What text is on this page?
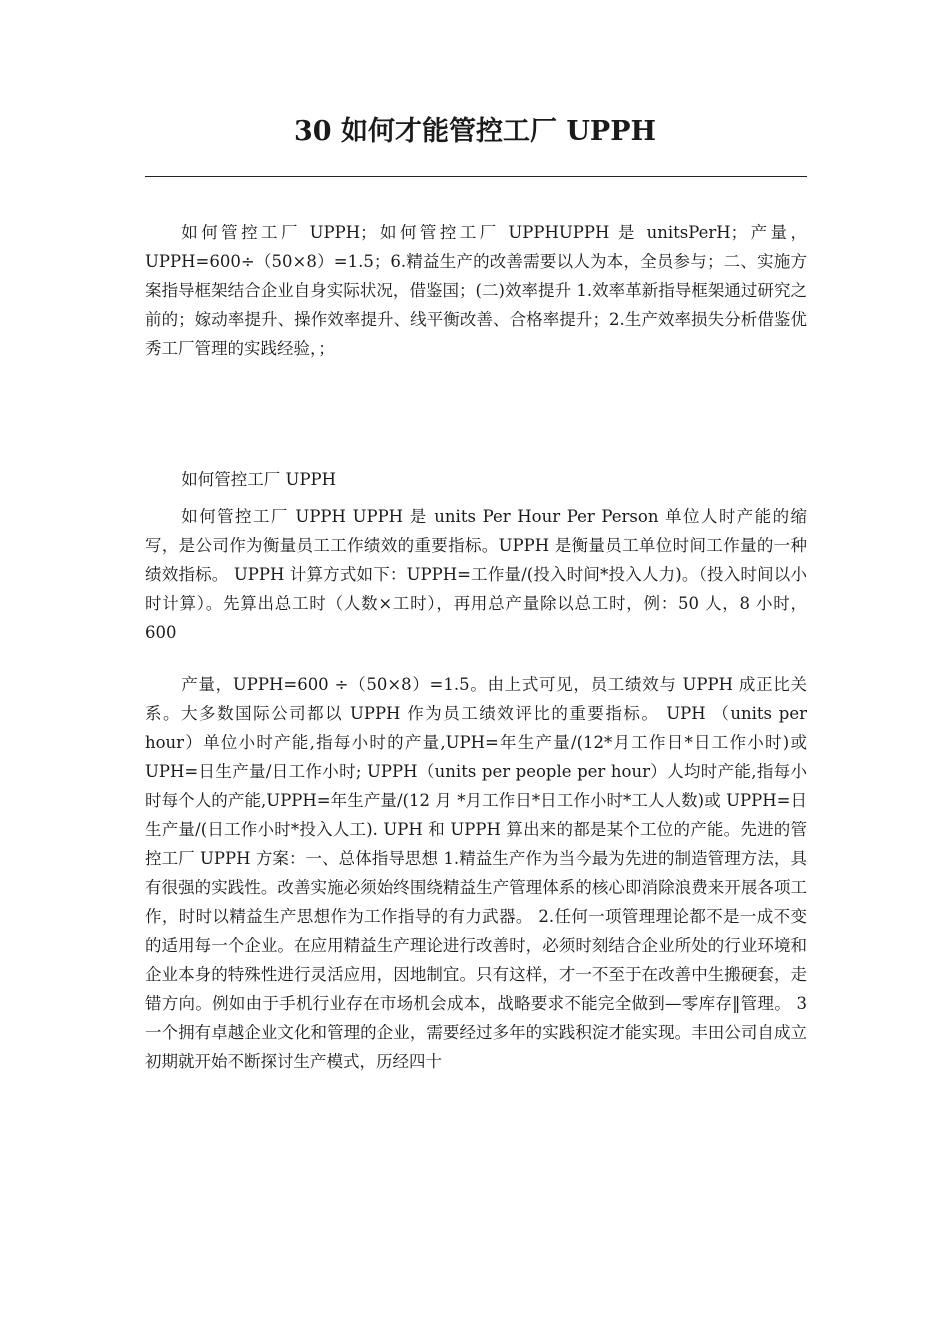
30 如何才能管控工厂 UPPH

如何管控工厂 UPPH；如何管控工厂 UPPHUPPH 是 unitsPerH；产量，UPPH=600÷（50×8）=1.5；6.精益生产的改善需要以人为本，全员参与；二、实施方案指导框架结合企业自身实际状况，借鉴国；(二)效率提升 1.效率革新指导框架通过研究之前的；嫁动率提升、操作效率提升、线平衡改善、合格率提升；2.生产效率损失分析借鉴优秀工厂管理的实践经验，；

如何管控工厂 UPPH

如何管控工厂 UPPH UPPH 是 units Per Hour Per Person 单位人时产能的缩写，是公司作为衡量员工工作绩效的重要指标。UPPH 是衡量员工单位时间工作量的一种绩效指标。 UPPH 计算方式如下：UPPH=工作量/(投入时间*投入人力)。（投入时间以小时计算）。先算出总工时（人数×工时），再用总产量除以总工时，例：50 人，8 小时，600

产量，UPPH=600 ÷（50×8）=1.5。由上式可见，员工绩效与 UPPH 成正比关系。大多数国际公司都以 UPPH 作为员工绩效评比的重要指标。 UPH （units per hour）单位小时产能,指每小时的产量,UPH=年生产量/(12*月工作日*日工作小时)或 UPH=日生产量/日工作小时; UPPH（units per people per hour）人均时产能,指每小时每个人的产能,UPPH=年生产量/(12 月 *月工作日*日工作小时*工人人数)或 UPPH=日生产量/(日工作小时*投入人工). UPH 和 UPPH 算出来的都是某个工位的产能。先进的管控工厂 UPPH 方案：一、总体指导思想 1.精益生产作为当今最为先进的制造管理方法，具有很强的实践性。改善实施必须始终围绕精益生产管理体系的核心即消除浪费来开展各项工作，时时以精益生产思想作为工作指导的有力武器。 2.任何一项管理理论都不是一成不变的适用每一个企业。在应用精益生产理论进行改善时，必须时刻结合企业所处的行业环境和企业本身的特殊性进行灵活应用，因地制宜。只有这样，才一不至于在改善中生搬硬套，走错方向。例如由于手机行业存在市场机会成本，战略要求不能完全做到—零库存‖管理。 3 一个拥有卓越企业文化和管理的企业，需要经过多年的实践积淀才能实现。丰田公司自成立初期就开始不断探讨生产模式，历经四十
